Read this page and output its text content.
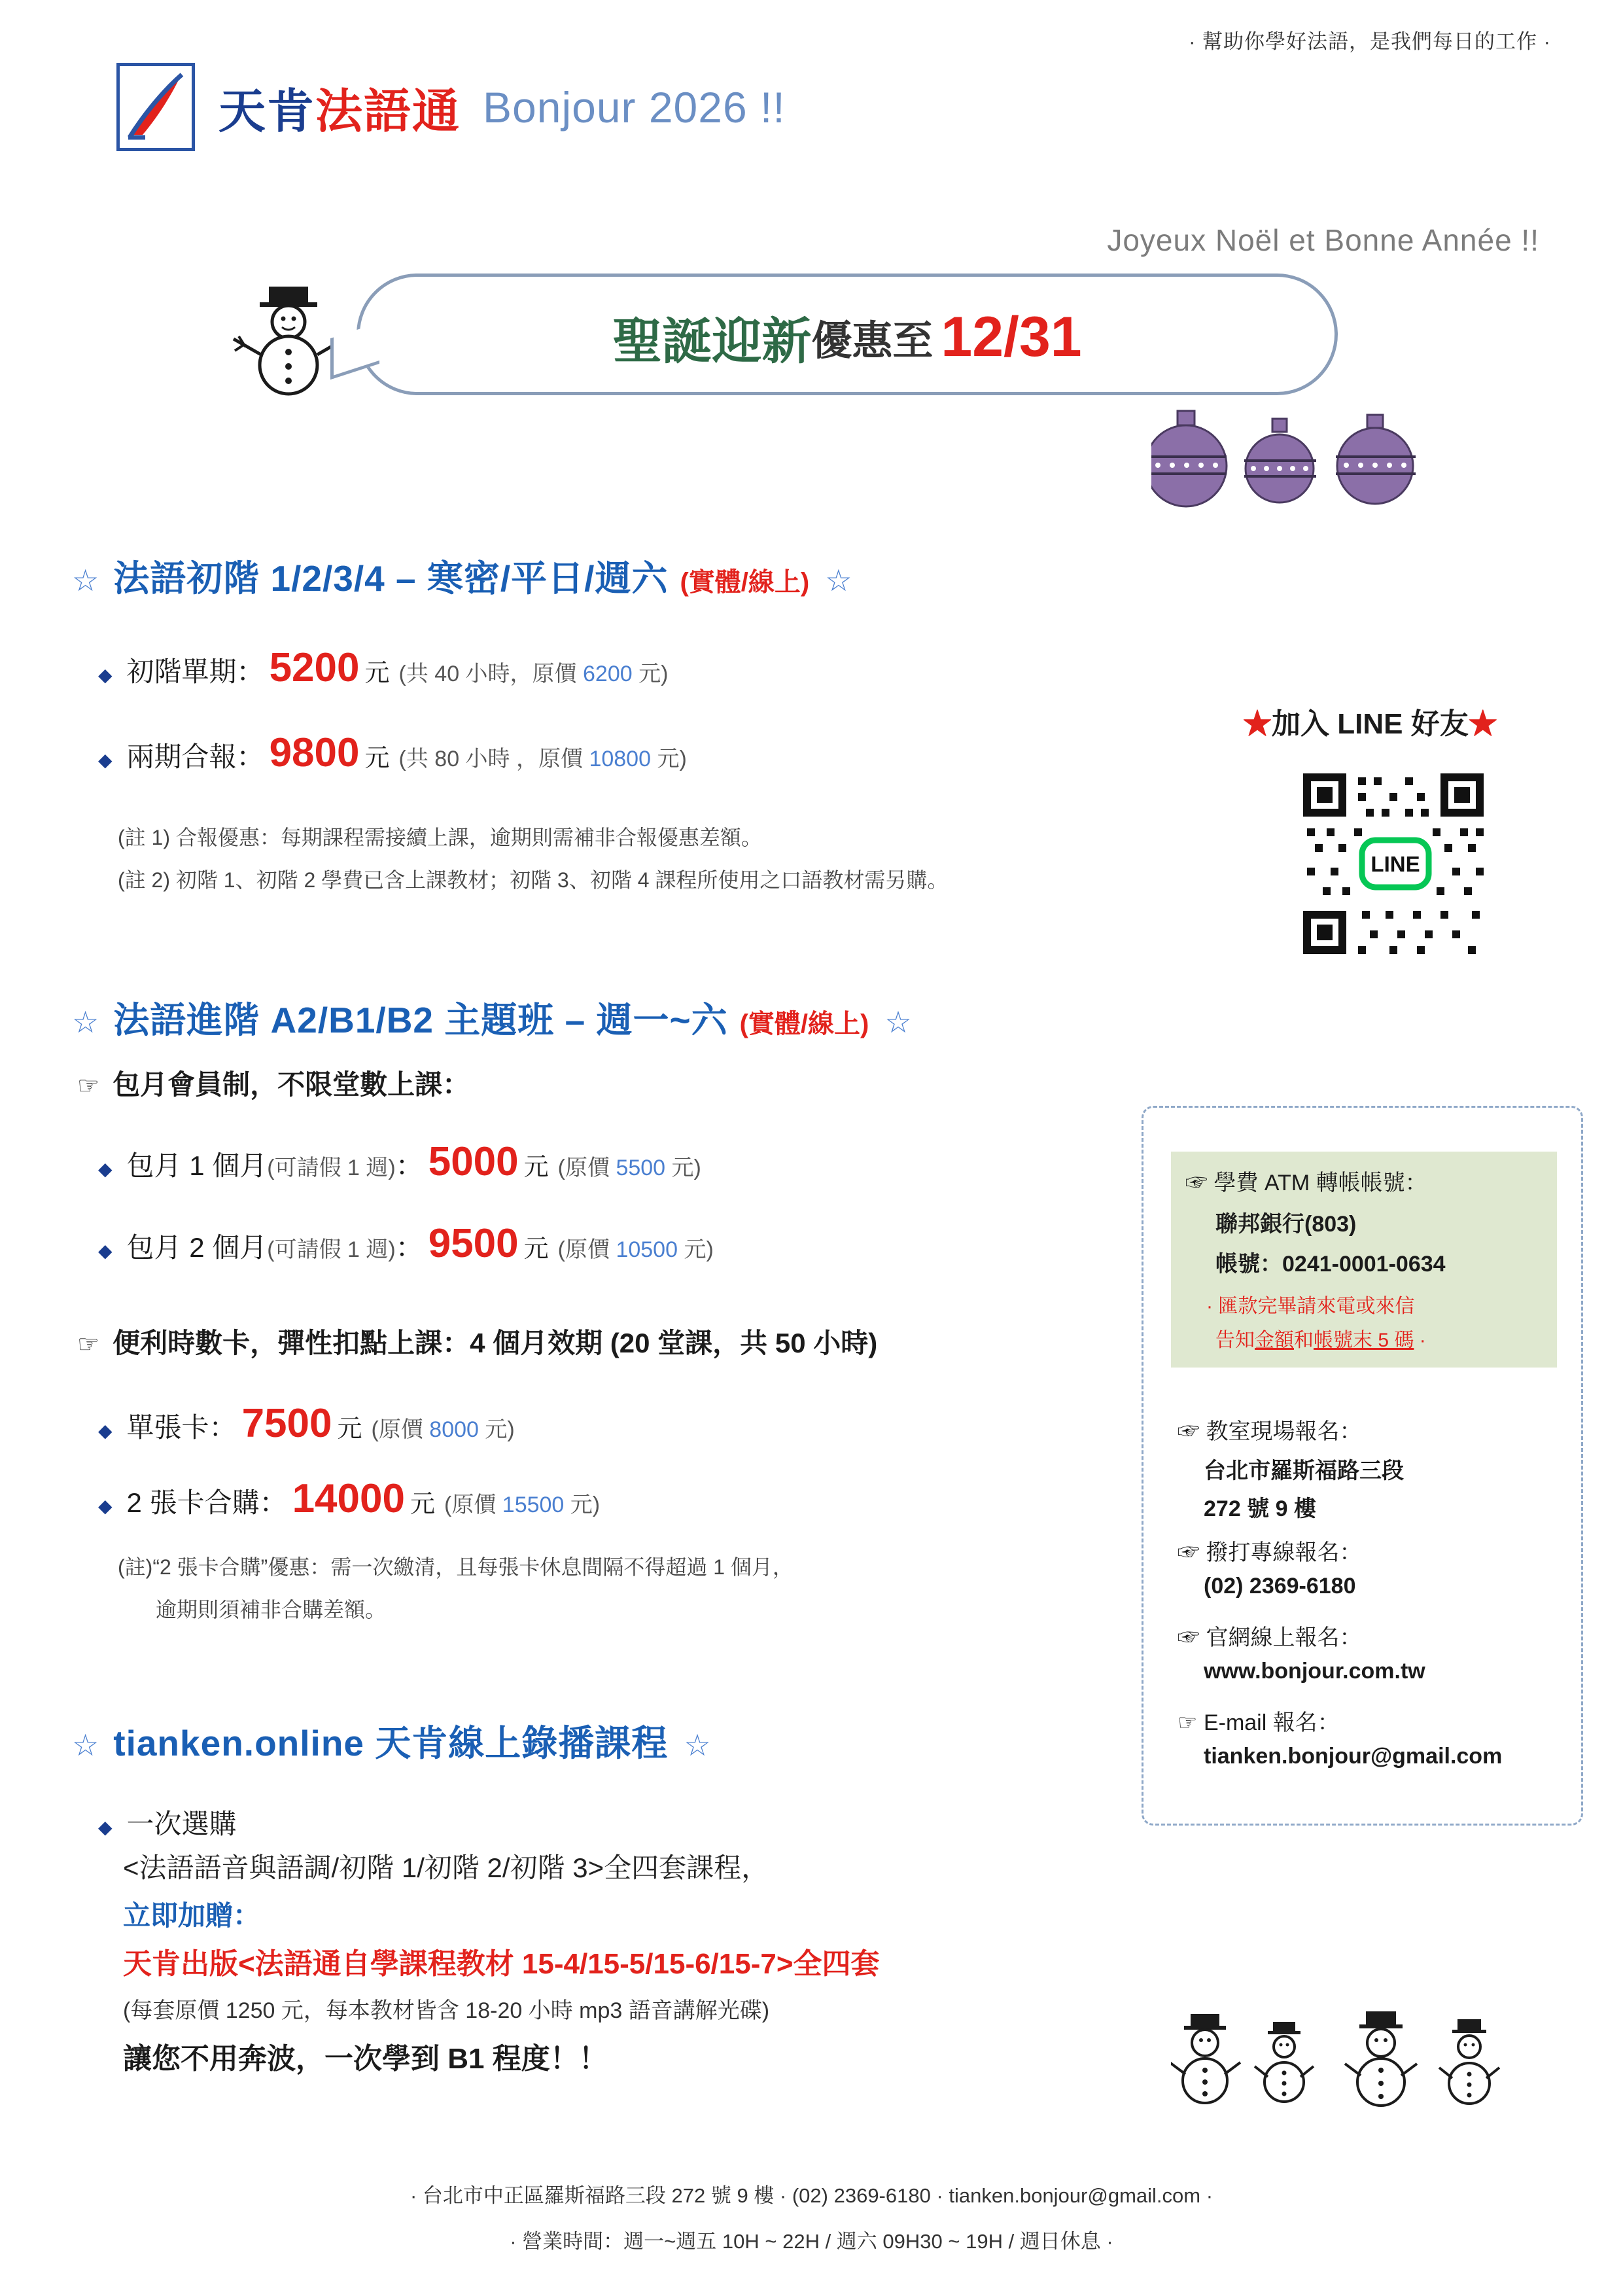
· 幫助你學好法語，是我們每日的工作 ·
天肯法語通 Bonjour 2026 !!
Joyeux Noël et Bonne Année !!
聖誕迎新 優惠至 12/31
☆ 法語初階 1/2/3/4 – 寒密/平日/週六 (實體/線上) ☆
◆ 初階單期： 5200 元 (共 40 小時，原價 6200 元)
◆ 兩期合報： 9800 元 (共 80 小時 ，原價 10800 元)
(註 1) 合報優惠：每期課程需接續上課，逾期則需補非合報優惠差額。
(註 2) 初階 1、初階 2 學費已含上課教材；初階 3、初階 4 課程所使用之口語教材需另購。
★加入 LINE 好友★
LINE
☆ 法語進階 A2/B1/B2 主題班 – 週一~六 (實體/線上) ☆
☞ 包月會員制，不限堂數上課：
◆ 包月 1 個月 (可請假 1 週) ： 5000 元 (原價 5500 元)
◆ 包月 2 個月 (可請假 1 週) ： 9500 元 (原價 10500 元)
☞ 便利時數卡，彈性扣點上課： 4 個月效期 (20 堂課，共 50 小時)
◆ 單張卡： 7500 元 (原價 8000 元)
◆ 2 張卡合購： 14000 元 (原價 15500 元)
(註)“2 張卡合購”優惠：需一次繳清，且每張卡休息間隔不得超過 1 個月，
逾期則須補非合購差額。
☞ 學費 ATM 轉帳帳號：
聯邦銀行(803)
帳號：0241-0001-0634
· 匯款完畢請來電或來信
告知金額和帳號末 5 碼 ·
☞ 教室現場報名：
台北市羅斯福路三段
272 號 9 樓
☞ 撥打專線報名：
(02) 2369-6180
☞ 官網線上報名：
www.bonjour.com.tw
☞ E-mail 報名：
tianken.bonjour@gmail.com
☆ tianken.online 天肯線上錄播課程 ☆
◆ 一次選購
<法語語音與語調/初階 1/初階 2/初階 3>全四套課程，
立即加贈：
天肯出版<法語通自學課程教材 15-4/15-5/15-6/15-7>全四套
(每套原價 1250 元，每本教材皆含 18-20 小時 mp3 語音講解光碟)
讓您不用奔波，一次學到 B1 程度！！
· 台北市中正區羅斯福路三段 272 號 9 樓 · (02) 2369-6180 · tianken.bonjour@gmail.com ·
· 營業時間：週一~週五 10H ~ 22H / 週六 09H30 ~ 19H / 週日休息 ·
